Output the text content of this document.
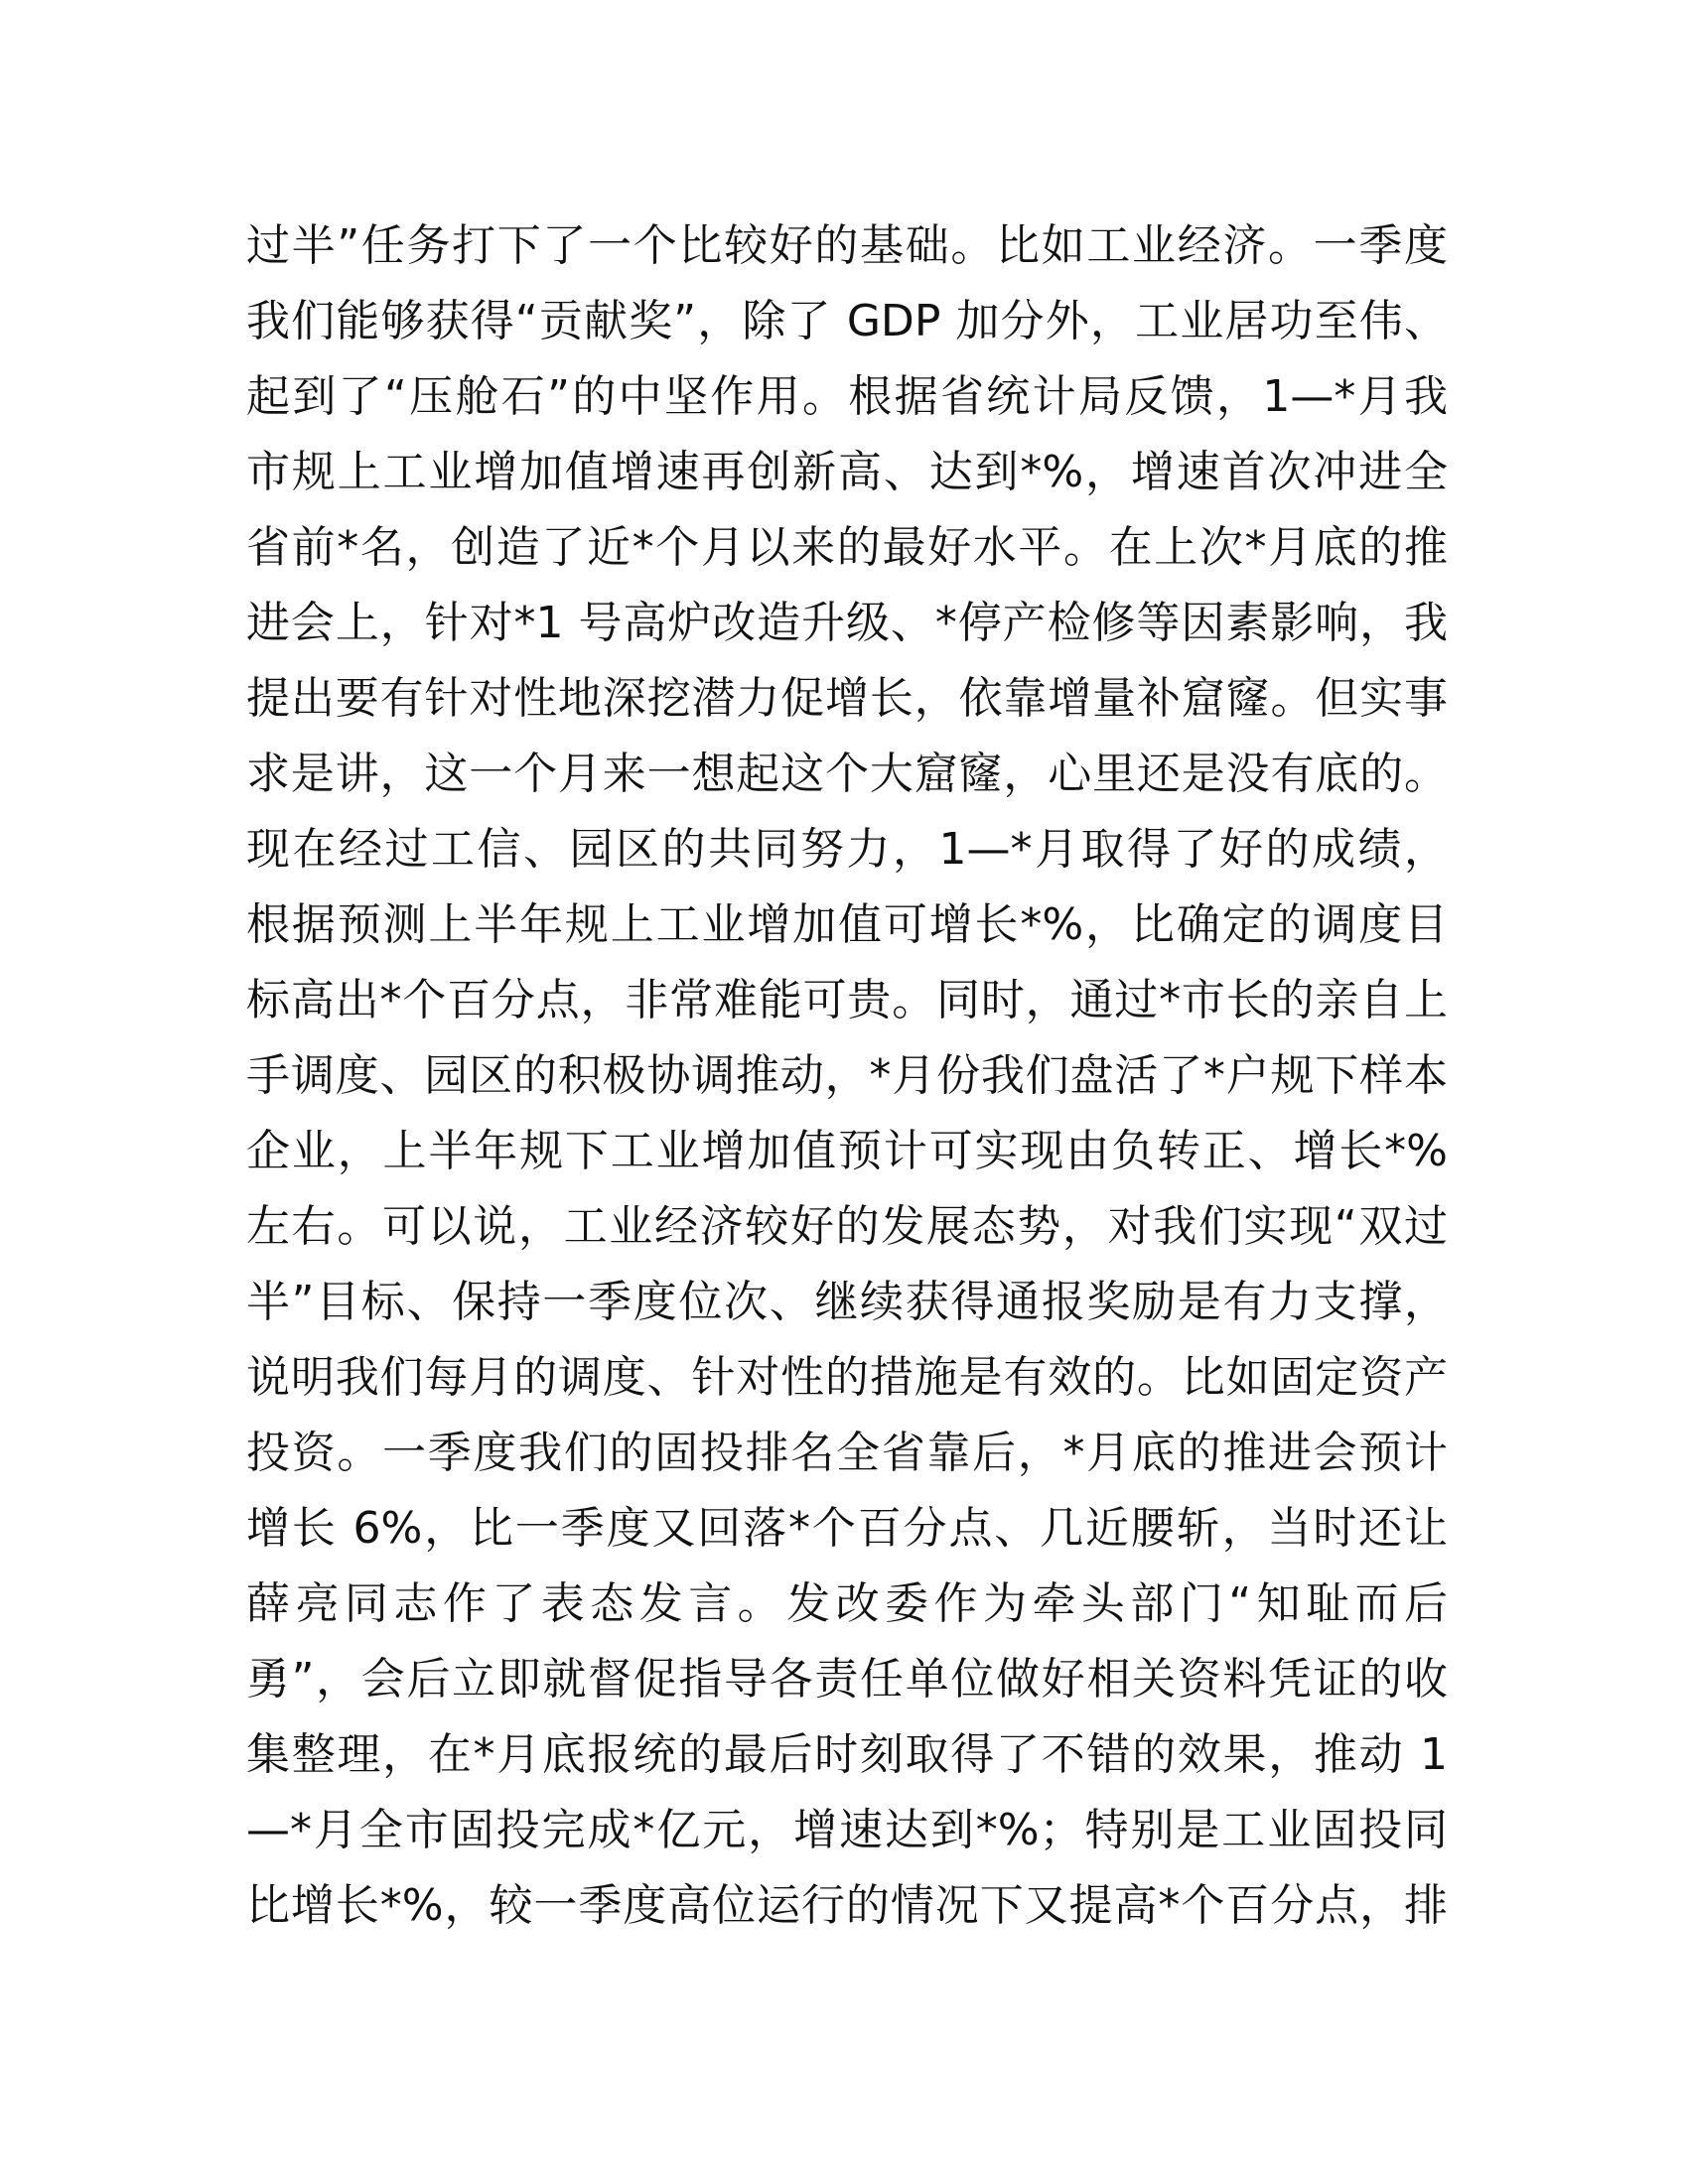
过半”任务打下了一个比较好的基础。比如工业经济。一季度
我们能够获得“贡献奖”，除了 GDP 加分外，工业居功至伟、
起到了“压舱石”的中坚作用。根据省统计局反馈，1—*月我
市规上工业增加值增速再创新高、达到*%，增速首次冲进全
省前*名，创造了近*个月以来的最好水平。在上次*月底的推
进会上，针对*1 号高炉改造升级、*停产检修等因素影响，我
提出要有针对性地深挖潜力促增长，依靠增量补窟窿。但实事
求是讲，这一个月来一想起这个大窟窿，心里还是没有底的。
现在经过工信、园区的共同努力，1—*月取得了好的成绩，
根据预测上半年规上工业增加值可增长*%，比确定的调度目
标高出*个百分点，非常难能可贵。同时，通过*市长的亲自上
手调度、园区的积极协调推动，*月份我们盘活了*户规下样本
企业，上半年规下工业增加值预计可实现由负转正、增长*%
左右。可以说，工业经济较好的发展态势，对我们实现“双过
半”目标、保持一季度位次、继续获得通报奖励是有力支撑，
说明我们每月的调度、针对性的措施是有效的。比如固定资产
投资。一季度我们的固投排名全省靠后，*月底的推进会预计
增长 6%，比一季度又回落*个百分点、几近腰斩，当时还让
薛亮同志作了表态发言。发改委作为牵头部门“知耻而后
勇”，会后立即就督促指导各责任单位做好相关资料凭证的收
集整理，在*月底报统的最后时刻取得了不错的效果，推动 1
—*月全市固投完成*亿元，增速达到*%；特别是工业固投同
比增长*%，较一季度高位运行的情况下又提高*个百分点，排
